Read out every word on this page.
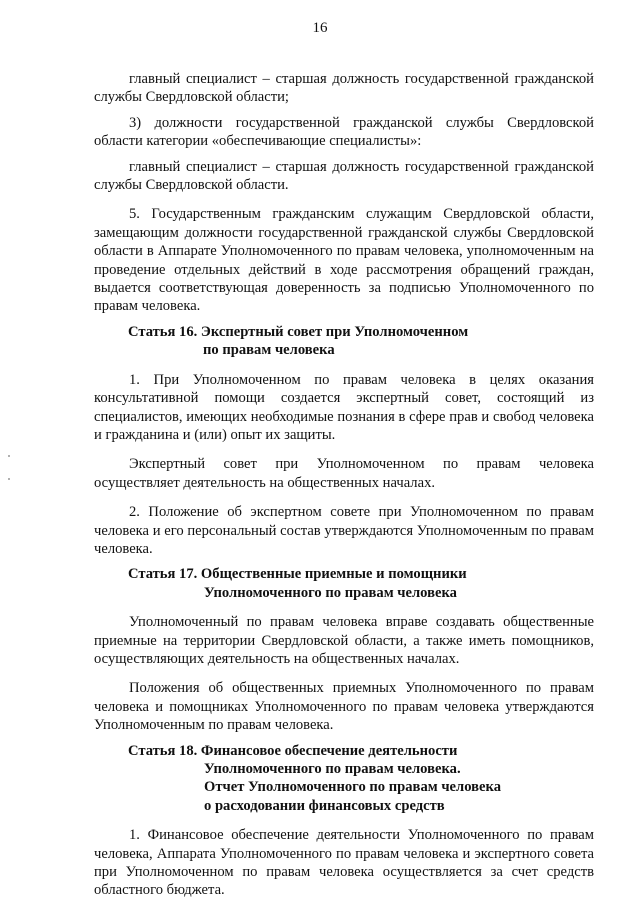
16

главный специалист – старшая должность государственной гражданской службы Свердловской области;

3) должности государственной гражданской службы Свердловской области категории «обеспечивающие специалисты»:

главный специалист – старшая должность государственной гражданской службы Свердловской области.

5. Государственным гражданским служащим Свердловской области, замещающим должности государственной гражданской службы Свердловской области в Аппарате Уполномоченного по правам человека, уполномоченным на проведение отдельных действий в ходе рассмотрения обращений граждан, выдается соответствующая доверенность за подписью Уполномоченного по правам человека.

Статья 16. Экспертный совет при Уполномоченном
по правам человека

1. При Уполномоченном по правам человека в целях оказания консультативной помощи создается экспертный совет, состоящий из специалистов, имеющих необходимые познания в сфере прав и свобод человека и гражданина и (или) опыт их защиты.

Экспертный совет при Уполномоченном по правам человека осуществляет деятельность на общественных началах.

2. Положение об экспертном совете при Уполномоченном по правам человека и его персональный состав утверждаются Уполномоченным по правам человека.

Статья 17. Общественные приемные и помощники
Уполномоченного по правам человека

Уполномоченный по правам человека вправе создавать общественные приемные на территории Свердловской области, а также иметь помощников, осуществляющих деятельность на общественных началах.

Положения об общественных приемных Уполномоченного по правам человека и помощниках Уполномоченного по правам человека утверждаются Уполномоченным по правам человека.

Статья 18. Финансовое обеспечение деятельности
Уполномоченного по правам человека.
Отчет Уполномоченного по правам человека
о расходовании финансовых средств

1. Финансовое обеспечение деятельности Уполномоченного по правам человека, Аппарата Уполномоченного по правам человека и экспертного совета при Уполномоченном по правам человека осуществляется за счет средств областного бюджета.
